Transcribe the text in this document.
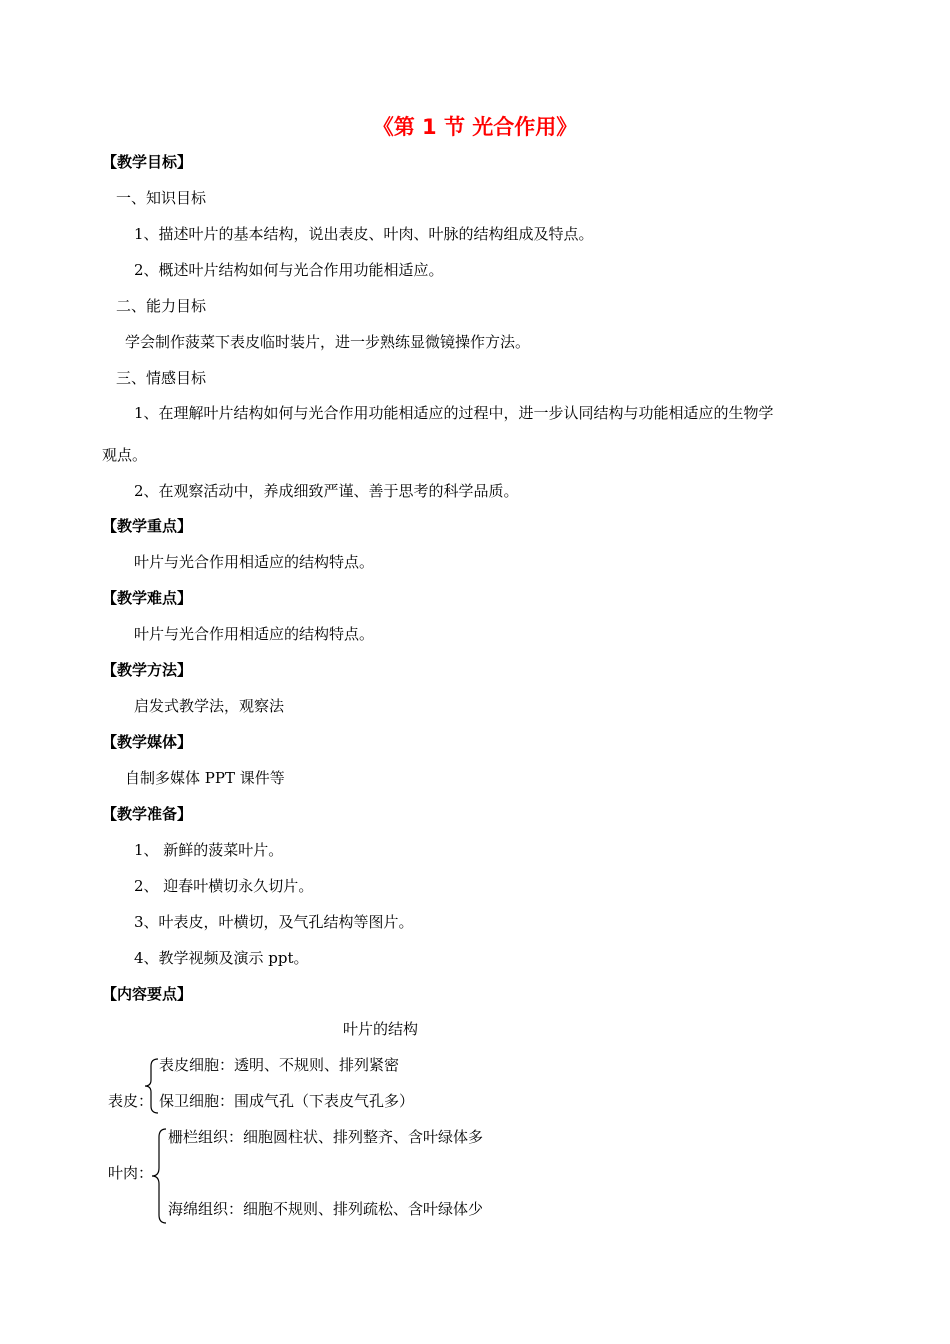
《第 1 节 光合作用》
【教学目标】
一、知识目标
1、描述叶片的基本结构，说出表皮、叶肉、叶脉的结构组成及特点。
2、概述叶片结构如何与光合作用功能相适应。
二、能力目标
学会制作菠菜下表皮临时装片，进一步熟练显微镜操作方法。
三、情感目标
1、在理解叶片结构如何与光合作用功能相适应的过程中，进一步认同结构与功能相适应的生物学
观点。
2、在观察活动中，养成细致严谨、善于思考的科学品质。
【教学重点】
叶片与光合作用相适应的结构特点。
【教学难点】
叶片与光合作用相适应的结构特点。
【教学方法】
启发式教学法，观察法
【教学媒体】
自制多媒体 PPT 课件等
【教学准备】
1、 新鲜的菠菜叶片。
2、 迎春叶横切永久切片。
3、叶表皮，叶横切，及气孔结构等图片。
4、教学视频及演示 ppt。
【内容要点】
叶片的结构
表皮细胞：透明、不规则、排列紧密
表皮： 保卫细胞：围成气孔（下表皮气孔多）
栅栏组织：细胞圆柱状、排列整齐、含叶绿体多
叶肉：
海绵组织：细胞不规则、排列疏松、含叶绿体少
